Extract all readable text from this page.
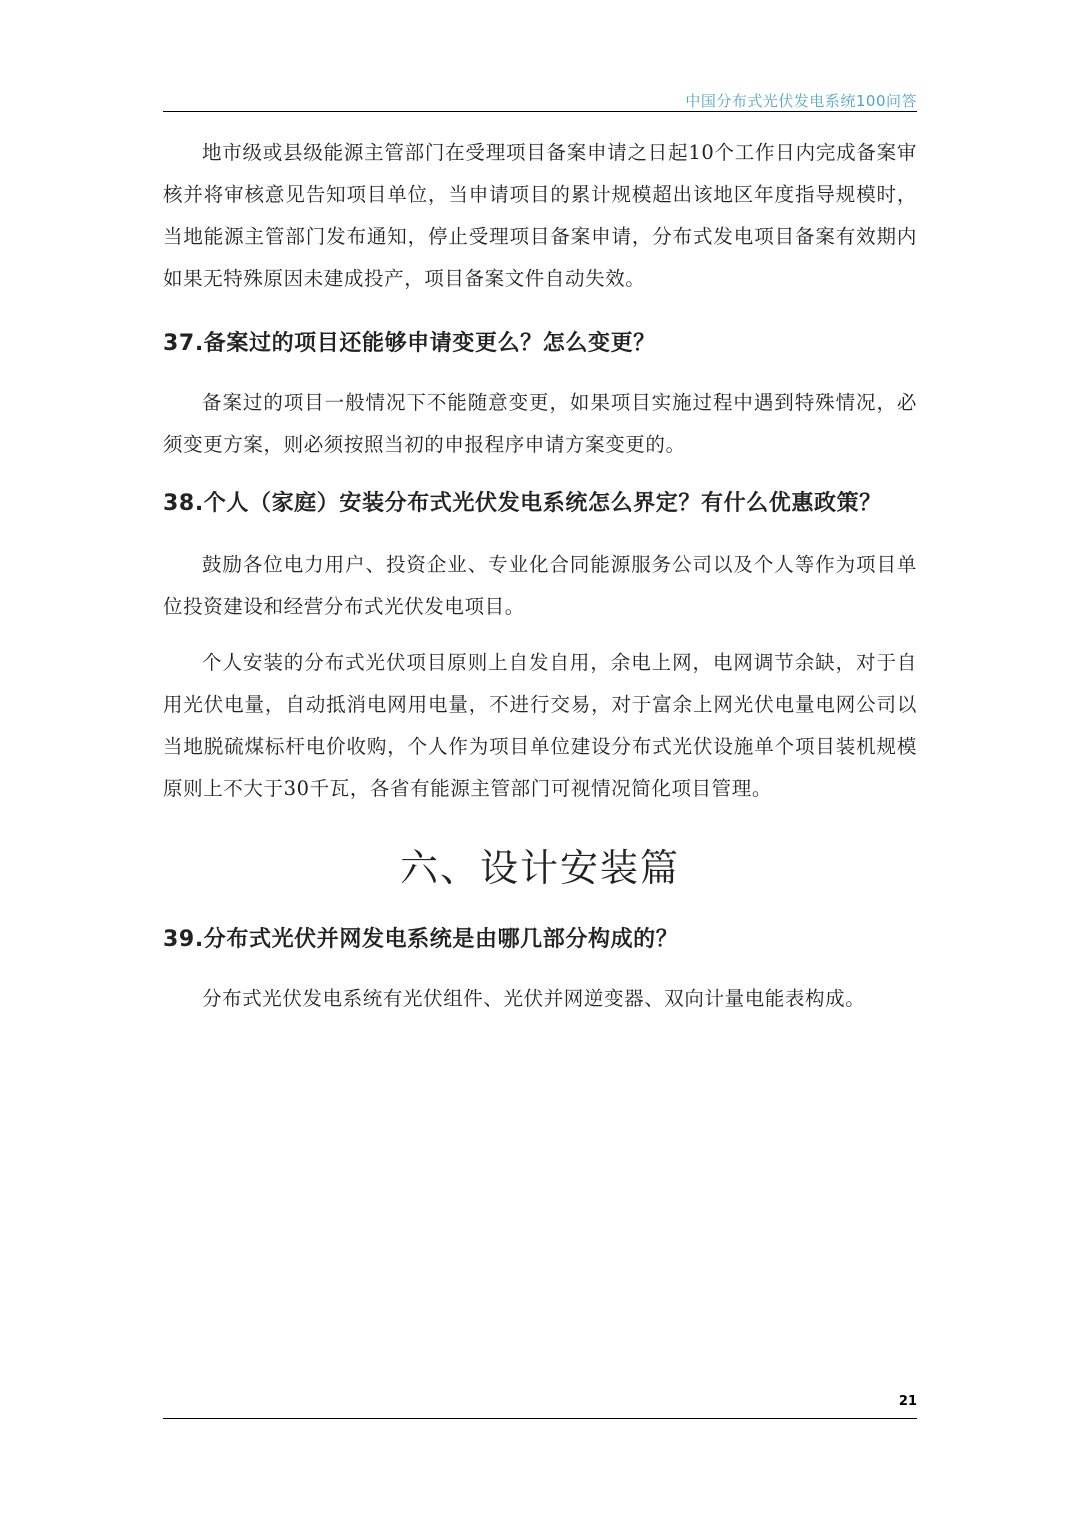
中国分布式光伏发电系统100问答

地市级或县级能源主管部门在受理项目备案申请之日起10个工作日内完成备案审核并将审核意见告知项目单位，当申请项目的累计规模超出该地区年度指导规模时，当地能源主管部门发布通知，停止受理项目备案申请，分布式发电项目备案有效期内如果无特殊原因未建成投产，项目备案文件自动失效。

37.备案过的项目还能够申请变更么？怎么变更？

备案过的项目一般情况下不能随意变更，如果项目实施过程中遇到特殊情况，必须变更方案，则必须按照当初的申报程序申请方案变更的。

38.个人（家庭）安装分布式光伏发电系统怎么界定？有什么优惠政策？

鼓励各位电力用户、投资企业、专业化合同能源服务公司以及个人等作为项目单位投资建设和经营分布式光伏发电项目。

个人安装的分布式光伏项目原则上自发自用，余电上网，电网调节余缺，对于自用光伏电量，自动抵消电网用电量，不进行交易，对于富余上网光伏电量电网公司以当地脱硫煤标杆电价收购，个人作为项目单位建设分布式光伏设施单个项目装机规模原则上不大于30千瓦，各省有能源主管部门可视情况简化项目管理。

六、设计安装篇
39.分布式光伏并网发电系统是由哪几部分构成的？

分布式光伏发电系统有光伏组件、光伏并网逆变器、双向计量电能表构成。

21
